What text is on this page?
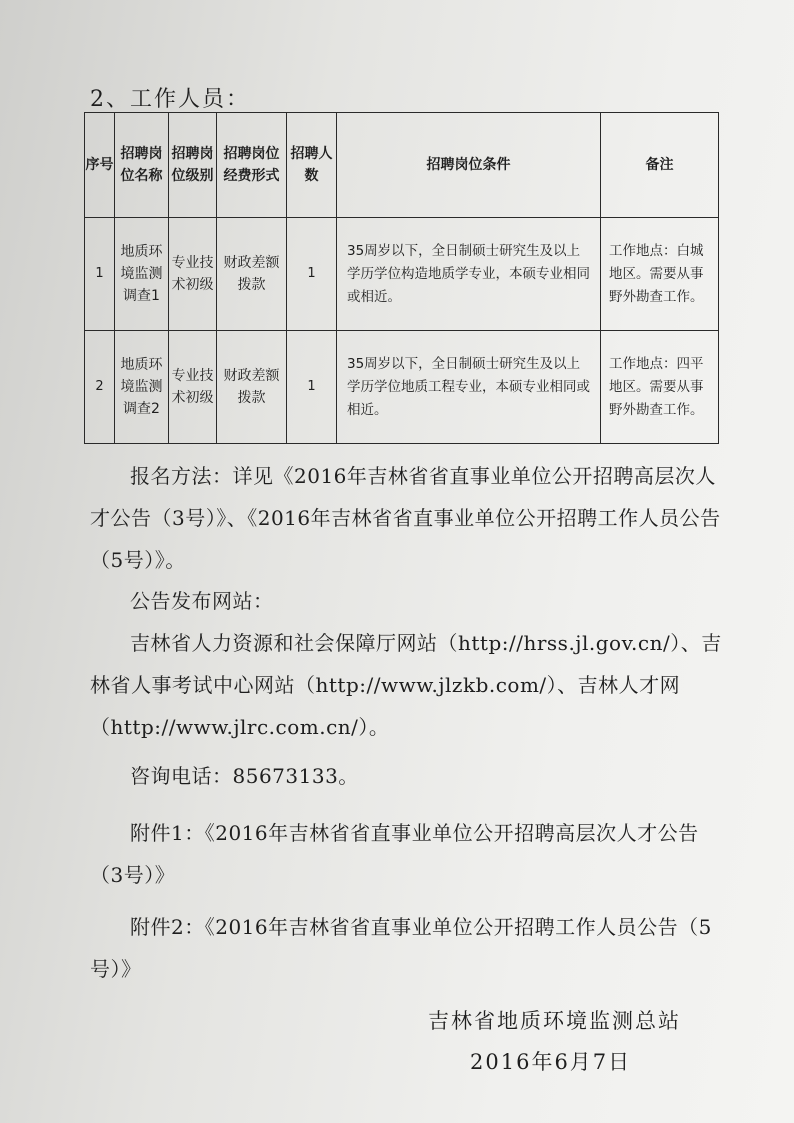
2、工作人员：
序号	招聘岗位名称	招聘岗位级别	招聘岗位经费形式	招聘人数	招聘岗位条件	备注
1	地质环境监测调查1	专业技术初级	财政差额拨款	1	35周岁以下，全日制硕士研究生及以上学历学位构造地质学专业，本硕专业相同或相近。	工作地点：白城地区。需要从事野外勘查工作。
2	地质环境监测调查2	专业技术初级	财政差额拨款	1	35周岁以下，全日制硕士研究生及以上学历学位地质工程专业，本硕专业相同或相近。	工作地点：四平地区。需要从事野外勘查工作。
报名方法：详见《2016年吉林省省直事业单位公开招聘高层次人才公告（3号）》、《2016年吉林省省直事业单位公开招聘工作人员公告（5号）》。
公告发布网站：
吉林省人力资源和社会保障厅网站（http://hrss.jl.gov.cn/）、吉林省人事考试中心网站（http://www.jlzkb.com/）、吉林人才网（http://www.jlrc.com.cn/）。
咨询电话：85673133。
附件1：《2016年吉林省省直事业单位公开招聘高层次人才公告（3号）》
附件2：《2016年吉林省省直事业单位公开招聘工作人员公告（5号）》
吉林省地质环境监测总站
2016年6月7日
